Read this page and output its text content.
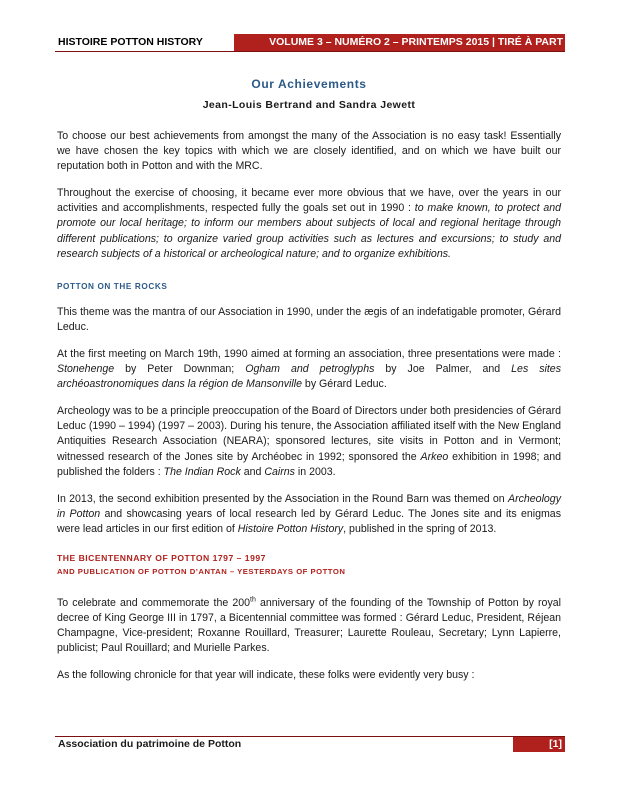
HISTOIRE POTTON HISTORY	VOLUME 3 – NUMÉRO 2 – PRINTEMPS 2015 | TIRÉ À PART
Our Achievements
Jean-Louis Bertrand and Sandra Jewett

To choose our best achievements from amongst the many of the Association is no easy task! Essentially we have chosen the key topics with which we are closely identified, and on which we have built our reputation both in Potton and with the MRC.

Throughout the exercise of choosing, it became ever more obvious that we have, over the years in our activities and accomplishments, respected fully the goals set out in 1990 : to make known, to protect and promote our local heritage; to inform our members about subjects of local and regional heritage through different publications; to organize varied group activities such as lectures and excursions; to study and research subjects of a historical or archeological nature; and to organize exhibitions.

POTTON ON THE ROCKS

This theme was the mantra of our Association in 1990, under the ægis of an indefatigable promoter, Gérard Leduc.

At the first meeting on March 19th, 1990 aimed at forming an association, three presentations were made : Stonehenge by Peter Downman; Ogham and petroglyphs by Joe Palmer, and Les sites archéoastronomiques dans la région de Mansonville by Gérard Leduc.

Archeology was to be a principle preoccupation of the Board of Directors under both presidencies of Gérard Leduc (1990 – 1994) (1997 – 2003). During his tenure, the Association affiliated itself with the New England Antiquities Research Association (NEARA); sponsored lectures, site visits in Potton and in Vermont; witnessed research of the Jones site by Archéobec in 1992; sponsored the Arkeo exhibition in 1998; and published the folders : The Indian Rock and Cairns in 2003.

In 2013, the second exhibition presented by the Association in the Round Barn was themed on Archeology in Potton and showcasing years of local research led by Gérard Leduc. The Jones site and its enigmas were lead articles in our first edition of Histoire Potton History, published in the spring of 2013.

THE BICENTENNARY OF POTTON 1797 – 1997
AND PUBLICATION OF POTTON D’ANTAN – YESTERDAYS OF POTTON

To celebrate and commemorate the 200th anniversary of the founding of the Township of Potton by royal decree of King George III in 1797, a Bicentennial committee was formed : Gérard Leduc, President, Réjean Champagne, Vice-president; Roxanne Rouillard, Treasurer; Laurette Rouleau, Secretary; Lynn Lapierre, publicist; Paul Rouillard; and Murielle Parkes.

As the following chronicle for that year will indicate, these folks were evidently very busy :

Association du patrimoine de Potton	[1]
